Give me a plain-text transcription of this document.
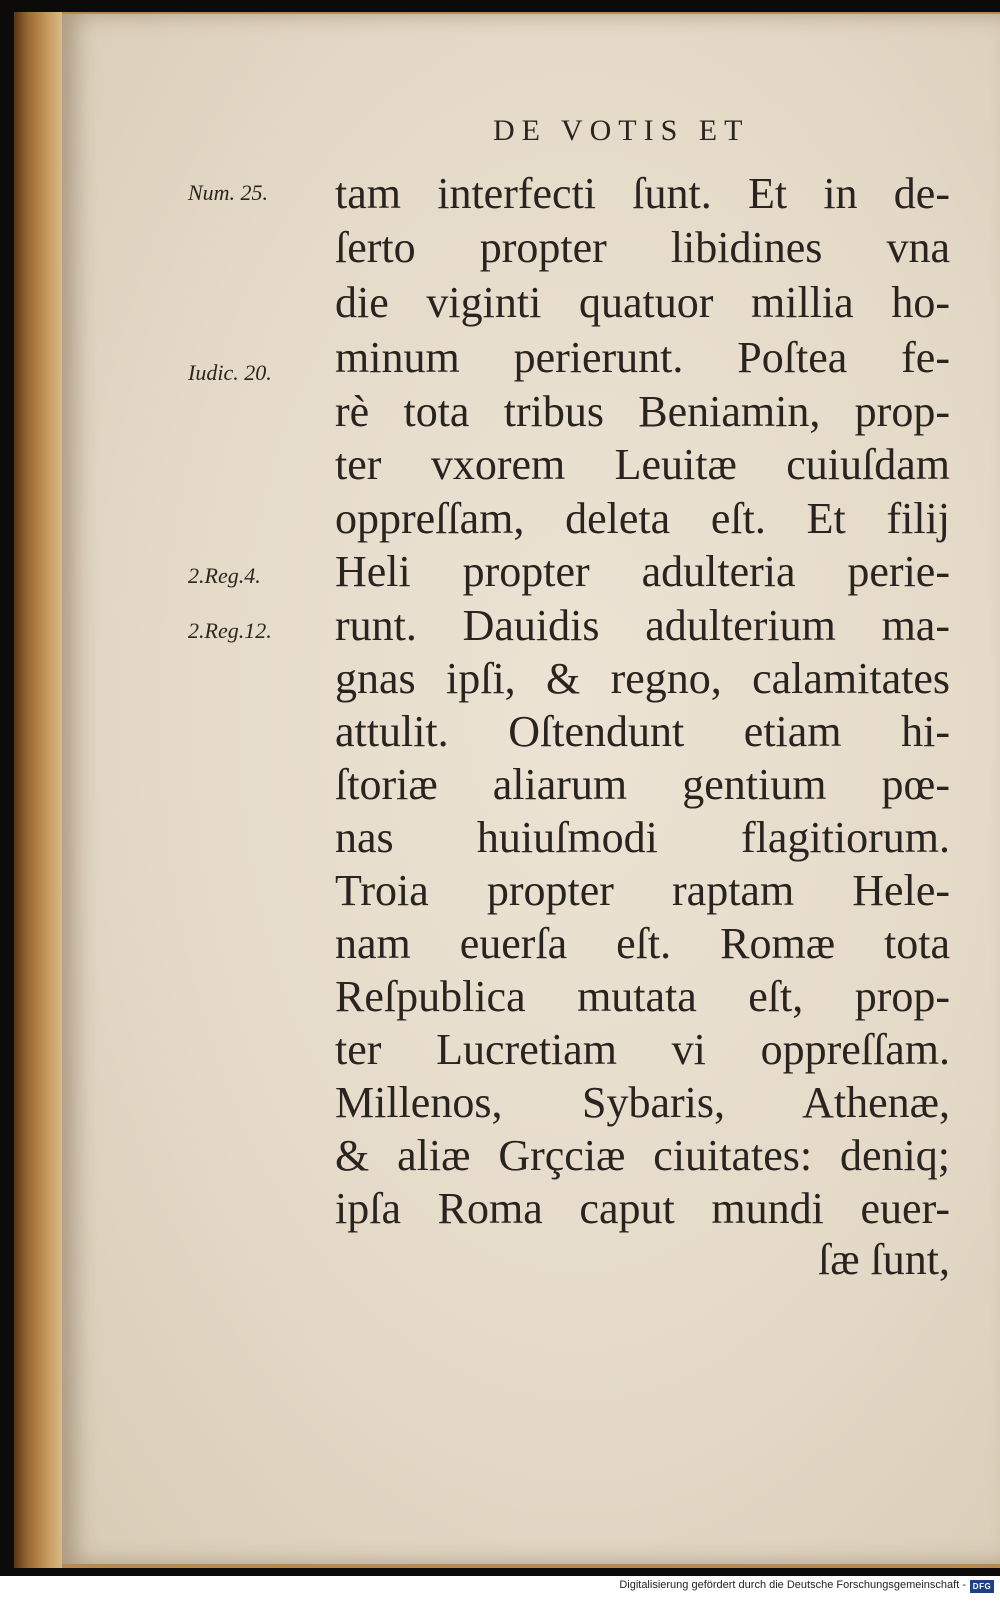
DE VOTIS ET
Num. 25.
Iudic. 20.
2.Reg.4.
2.Reg.12.
tam interfecti ſunt. Et in de-
ſerto propter libidines vna
die viginti quatuor millia ho-
minum perierunt. Poſtea fe-
rè tota tribus Beniamin, prop-
ter vxorem Leuitæ cuiuſdam
oppreſſam, deleta eſt. Et filij
Heli propter adulteria perie-
runt. Dauidis adulterium ma-
gnas ipſi, & regno, calamitates
attulit. Oſtendunt etiam hi-
ſtoriæ aliarum gentium pœ-
nas huiuſmodi flagitiorum.
Troia propter raptam Hele-
nam euerſa eſt. Romæ tota
Reſpublica mutata eſt, prop-
ter Lucretiam vi oppreſſam.
Millenos, Sybaris, Athenæ,
& aliæ Grçciæ ciuitates: deniq;
ipſa Roma caput mundi euer-
ſæ ſunt,
Digitalisierung gefördert durch die Deutsche Forschungsgemeinschaft - DFG
